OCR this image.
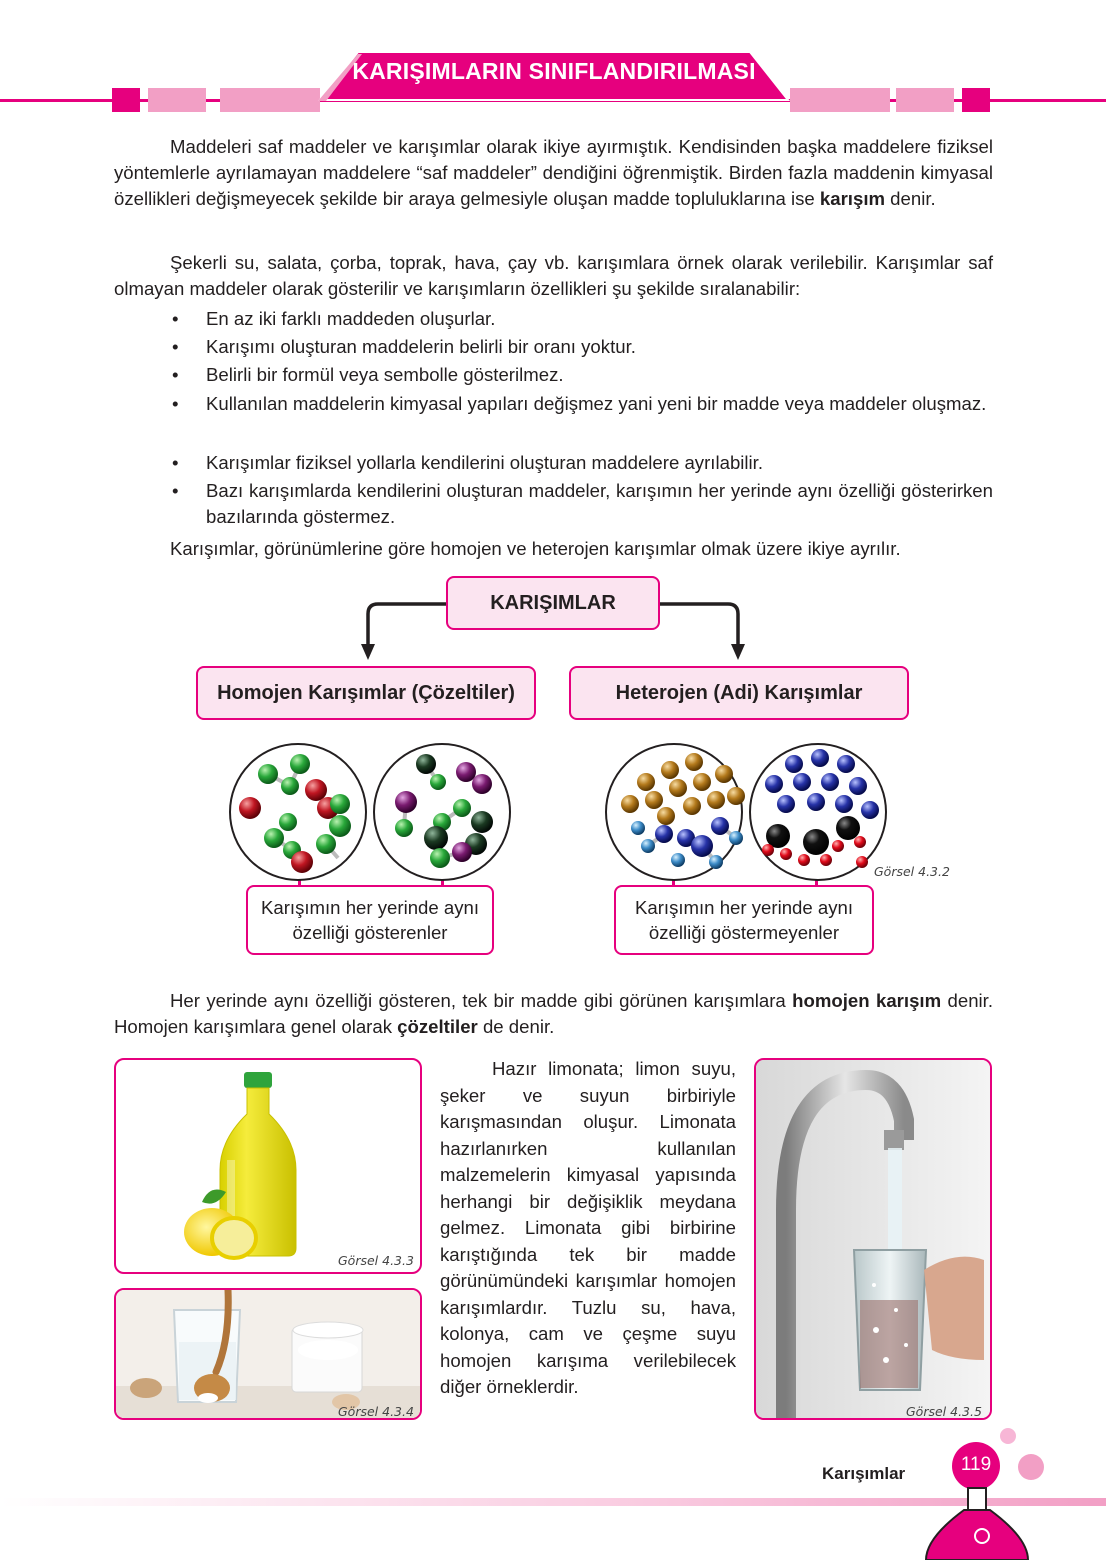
KARIŞIMLARIN SINIFLANDIRILMASI
Maddeleri saf maddeler ve karışımlar olarak ikiye ayırmıştık. Kendisinden başka maddelere fiziksel yöntemlerle ayrılamayan maddelere “saf maddeler” dendiğini öğrenmiştik. Birden fazla maddenin kimyasal özellikleri değişmeyecek şekilde bir araya gelmesiyle oluşan madde topluluklarına ise karışım denir.
Şekerli su, salata, çorba, toprak, hava, çay vb. karışımlara örnek olarak verilebilir. Karışımlar saf olmayan maddeler olarak gösterilir ve karışımların özellikleri şu şekilde sıralanabilir:
• En az iki farklı maddeden oluşurlar.
• Karışımı oluşturan maddelerin belirli bir oranı yoktur.
• Belirli bir formül veya sembolle gösterilmez.
• Kullanılan maddelerin kimyasal yapıları değişmez yani yeni bir madde veya maddeler oluşmaz.
• Karışımlar fiziksel yollarla kendilerini oluşturan maddelere ayrılabilir.
• Bazı karışımlarda kendilerini oluşturan maddeler, karışımın her yerinde aynı özelliği gösterirken bazılarında göstermez.
Karışımlar, görünümlerine göre homojen ve heterojen karışımlar olmak üzere ikiye ayrılır.
KARIŞIMLAR
Homojen Karışımlar (Çözeltiler)	Heterojen (Adi) Karışımlar
Görsel 4.3.2
Karışımın her yerinde aynı özelliği gösterenler
Karışımın her yerinde aynı özelliği göstermeyenler
Her yerinde aynı özelliği gösteren, tek bir madde gibi görünen karışımlara homojen karışım denir. Homojen karışımlara genel olarak çözeltiler de denir.
Görsel 4.3.3
Görsel 4.3.4
Hazır limonata; limon suyu, şeker ve suyun birbiriyle karışmasından oluşur. Limonata hazırlanırken kullanılan malzemelerin kimyasal yapısında herhangi bir değişiklik meydana gelmez. Limonata gibi birbirine karıştığında tek bir madde görünümündeki karışımlar homojen karışımlardır. Tuzlu su, hava, kolonya, cam ve çeşme suyu homojen karışıma verilebilecek diğer örneklerdir.
Görsel 4.3.5
Karışımlar	119
